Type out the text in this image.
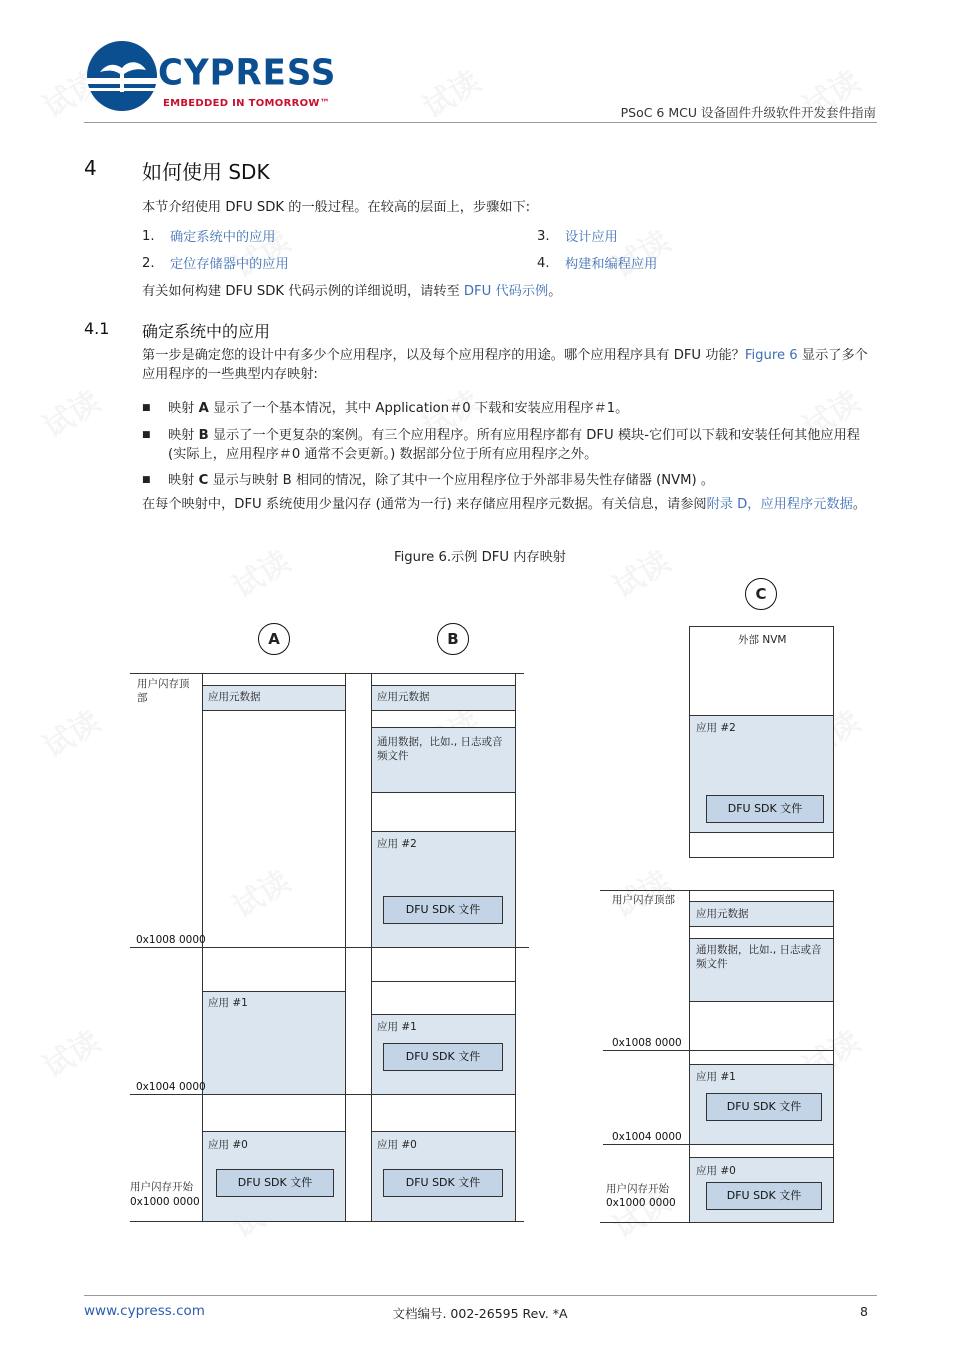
CYPRESS
EMBEDDED IN TOMORROW™
PSoC 6 MCU 设备固件升级软件开发套件指南
4 如何使用 SDK
本节介绍使用 DFU SDK 的一般过程。在较高的层面上，步骤如下:
1. 确定系统中的应用
2. 定位存储器中的应用
3. 设计应用
4. 构建和编程应用
有关如何构建 DFU SDK 代码示例的详细说明，请转至 DFU 代码示例。
4.1 确定系统中的应用
第一步是确定您的设计中有多少个应用程序，以及每个应用程序的用途。哪个应用程序具有 DFU 功能？Figure 6 显示了多个应用程序的一些典型内存映射:
■ 映射 A 显示了一个基本情况，其中 Application＃0 下载和安装应用程序＃1。
■ 映射 B 显示了一个更复杂的案例。有三个应用程序。所有应用程序都有 DFU 模块-它们可以下载和安装任何其他应用程 (实际上，应用程序＃0 通常不会更新。) 数据部分位于所有应用程序之外。
■ 映射 C 显示与映射 B 相同的情况，除了其中一个应用程序位于外部非易失性存储器 (NVM) 。
在每个映射中，DFU 系统使用少量闪存 (通常为一行) 来存储应用程序元数据。有关信息，请参阅附录 D，应用程序元数据。
Figure 6.示例 DFU 内存映射
A	B
C
用户闪存顶部	应用元数据
0x1008 0000
应用 #1
0x1004 0000
应用 #0
DFU SDK 文件
用户闪存开始
0x1000 0000
应用元数据
通用数据，比如., 日志或音频文件
应用 #2
DFU SDK 文件
应用 #1
DFU SDK 文件
应用 #0
DFU SDK 文件
外部 NVM
应用 #2
DFU SDK 文件
用户闪存顶部
应用元数据
通用数据，比如., 日志或音频文件
0x1008 0000
应用 #1
DFU SDK 文件
0x1004 0000
应用 #0
DFU SDK 文件
用户闪存开始
0x1000 0000
www.cypress.com	文档编号. 002-26595 Rev. *A	8
